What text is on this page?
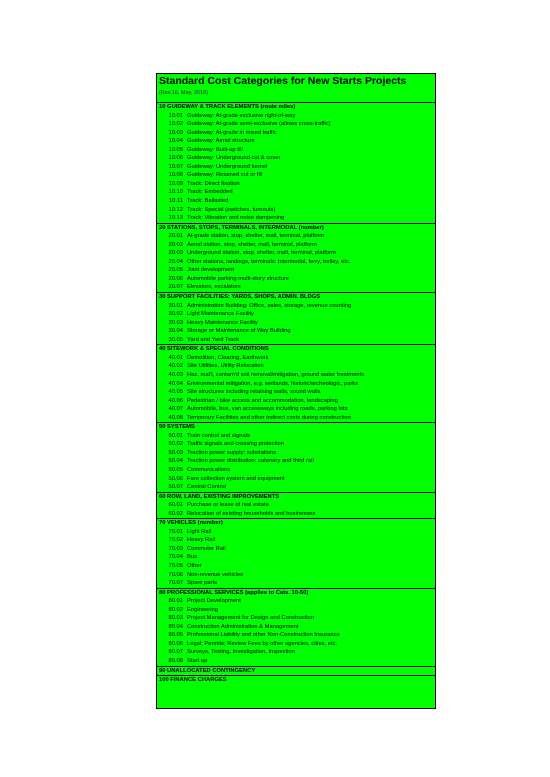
Standard Cost Categories for New Starts Projects
(Rev.16, May, 2016)
10 GUIDEWAY & TRACK ELEMENTS (route miles)
10.01 Guideway: At-grade exclusive right-of-way
10.02 Guideway: At-grade semi-exclusive (allows cross-traffic)
10.03 Guideway: At-grade in mixed traffic
10.04 Guideway: Aerial structure
10.05 Guideway: Built-up fill
10.06 Guideway: Underground cut & cover
10.07 Guideway: Underground tunnel
10.08 Guideway: Retained cut or fill
10.09 Track: Direct fixation
10.10 Track: Embedded
10.11 Track: Ballasted
10.12 Track: Special (switches, turnouts)
10.13 Track: Vibration and noise dampening
20 STATIONS, STOPS, TERMINALS, INTERMODAL (number)
20.01 At-grade station, stop, shelter, mall, terminal, platform
20.02 Aerial station, stop, shelter, mall, terminal, platform
20.03 Underground station, stop, shelter, mall, terminal, platform
20.04 Other stations, landings, terminals: Intermodal, ferry, trolley, etc.
20.05 Joint development
20.06 Automobile parking multi-story structure
20.07 Elevators, escalators
30 SUPPORT FACILITIES: YARDS, SHOPS, ADMIN. BLDGS
30.01 Administration Building: Office, sales, storage, revenue counting
30.02 Light Maintenance Facility
30.03 Heavy Maintenance Facility
30.04 Storage or Maintenance of Way Building
30.05 Yard and Yard Track
40 SITEWORK & SPECIAL CONDITIONS
40.01 Demolition, Clearing, Earthwork
40.02 Site Utilities, Utility Relocation
40.03 Haz. mat'l, contam'd soil removal/mitigation, ground water treatments
40.04 Environmental mitigation, e.g. wetlands, historic/archeologic, parks
40.05 Site structures including retaining walls, sound walls
40.06 Pedestrian / bike access and accommodation, landscaping
40.07 Automobile, bus, van accessways including roads, parking lots
40.08 Temporary Facilities and other indirect costs during construction
50 SYSTEMS
50.01 Train control and signals
50.02 Traffic signals and crossing protection
50.03 Traction power supply: substations
50.04 Traction power distribution: catenary and third rail
50.05 Communications
50.06 Fare collection system and equipment
50.07 Central Control
60 ROW, LAND, EXISTING IMPROVEMENTS
60.01 Purchase or lease of real estate
60.02 Relocation of existing households and businesses
70 VEHICLES (number)
70.01 Light Rail
70.02 Heavy Rail
70.03 Commuter Rail
70.04 Bus
70.05 Other
70.06 Non-revenue vehicles
70.07 Spare parts
80 PROFESSIONAL SERVICES (applies to Cats. 10-50)
80.01 Project Development
80.02 Engineering
80.03 Project Management for Design and Construction
80.04 Construction Administration & Management
80.05 Professional Liability and other Non-Construction Insurance
80.06 Legal; Permits; Review Fees by other agencies, cities, etc.
80.07 Surveys, Testing, Investigation, Inspection
80.08 Start up
90 UNALLOCATED CONTINGENCY
100 FINANCE CHARGES
